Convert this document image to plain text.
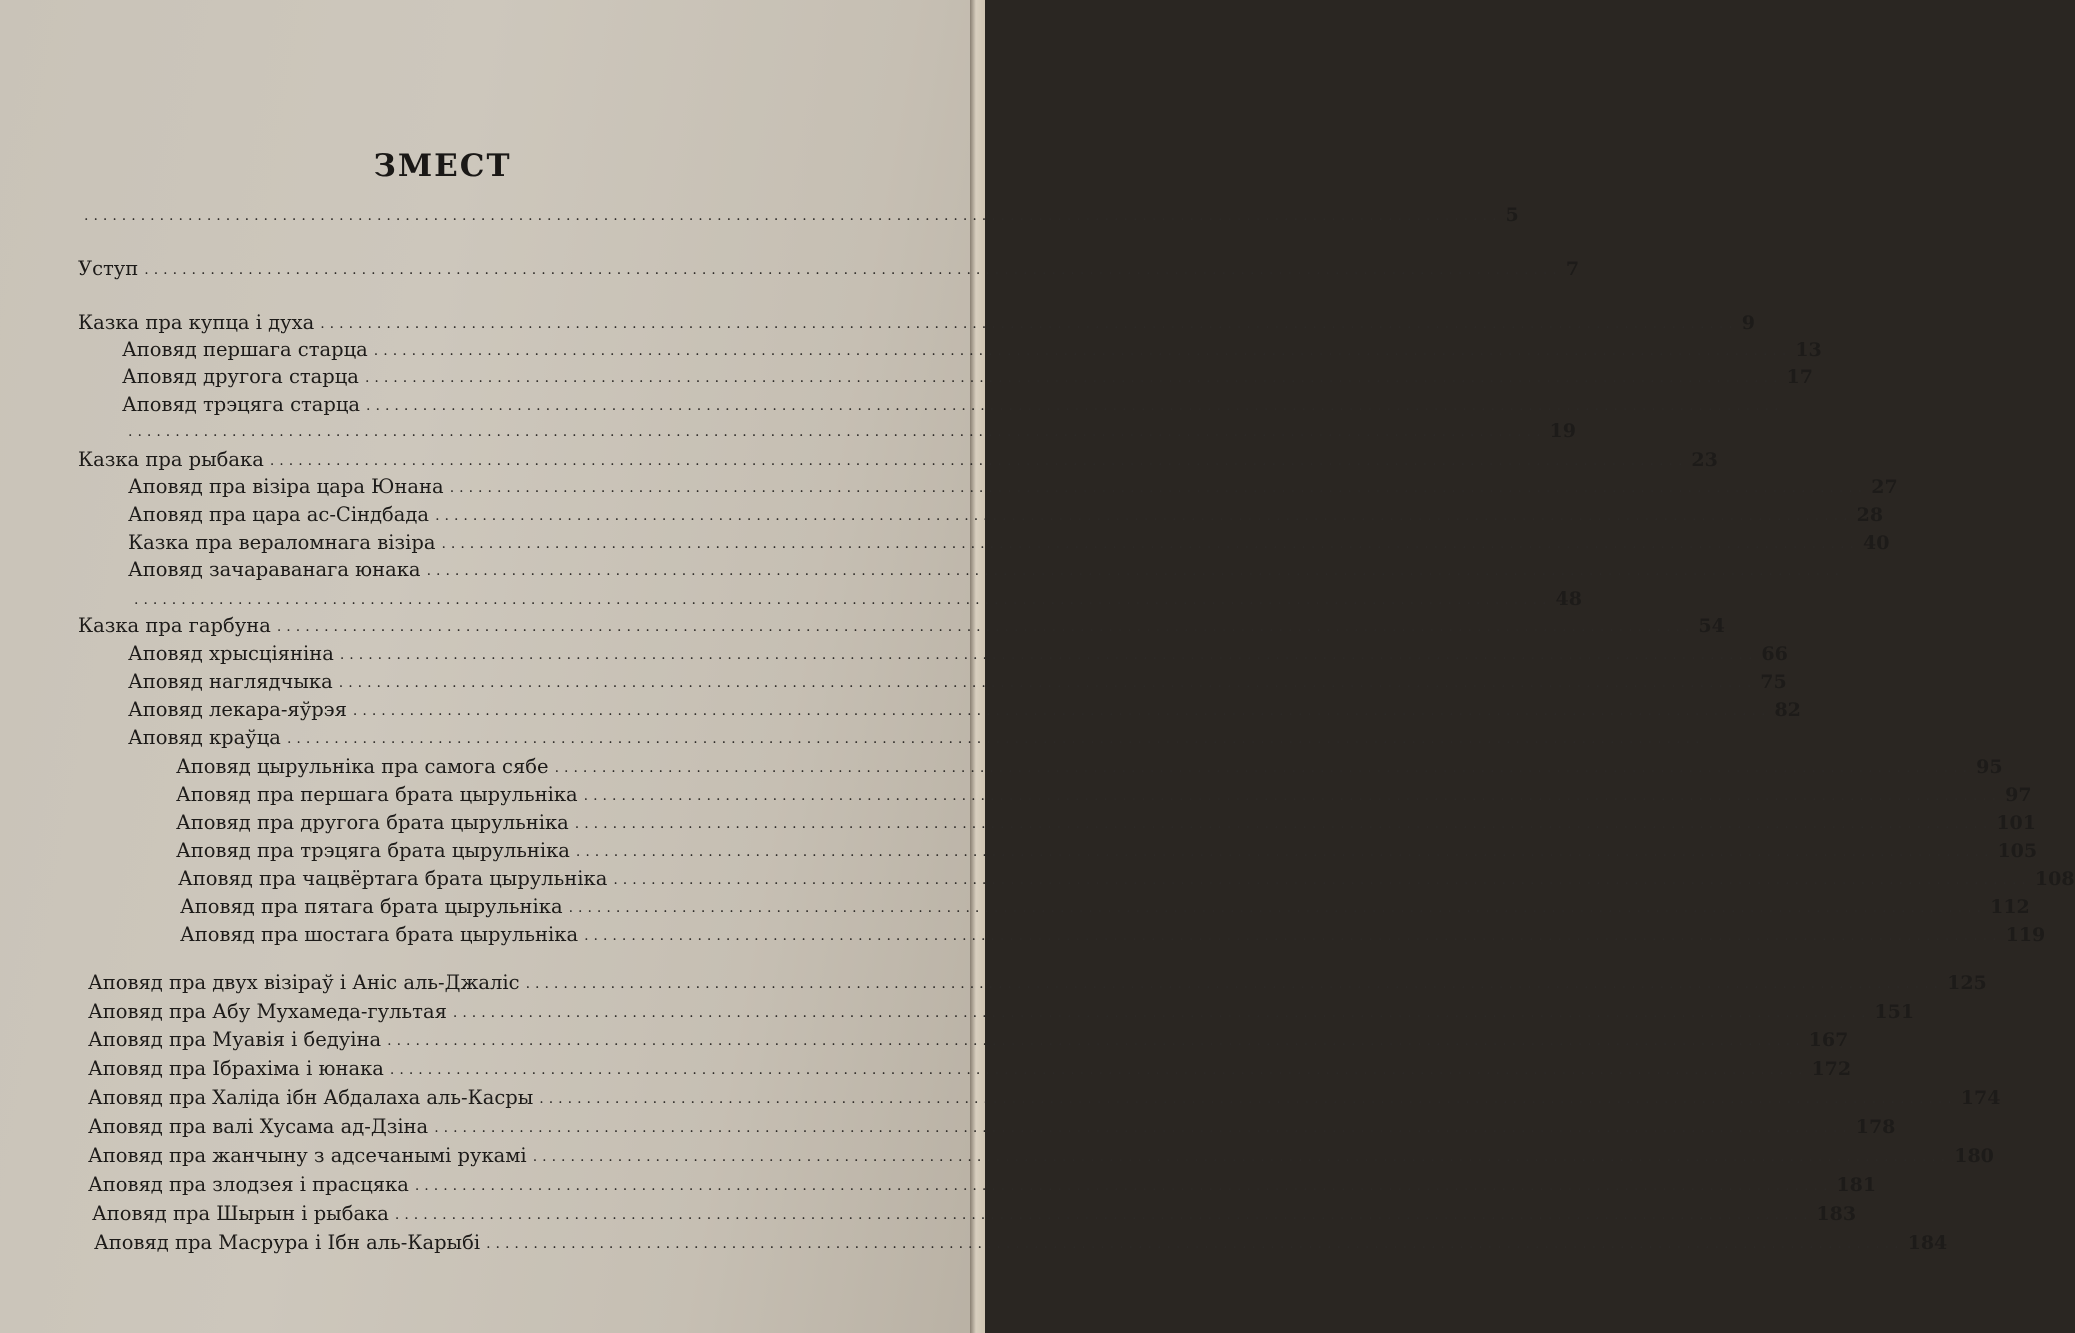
ЗМЕСТ
...................................................................................................................................................... 5
Уступ ...................................................................................................................................................... 7
Казка пра купца і духа ...................................................................................................................................................... 9
Аповяд першага старца ...................................................................................................................................................... 13
Аповяд другога старца ...................................................................................................................................................... 17
Аповяд трэцяга старца ......................................................................................................................................................
...................................................................................................................................................... 19
Казка пра рыбака ...................................................................................................................................................... 23
Аповяд пра візіра цара Юнана ...................................................................................................................................................... 27
Аповяд пра цара ас-Сіндбада ...................................................................................................................................................... 28
Казка пра вераломнага візіра ...................................................................................................................................................... 40
Аповяд зачараванага юнака ......................................................................................................................................................
...................................................................................................................................................... 48
Казка пра гарбуна ...................................................................................................................................................... 54
Аповяд хрысціяніна ...................................................................................................................................................... 66
Аповяд наглядчыка ...................................................................................................................................................... 75
Аповяд лекара-яўрэя ...................................................................................................................................................... 82
Аповяд краўца ......................................................................................................................................................
Аповяд цырульніка пра самога сябе ...................................................................................................................................................... 95
Аповяд пра першага брата цырульніка ...................................................................................................................................................... 97
Аповяд пра другога брата цырульніка ...................................................................................................................................................... 101
Аповяд пра трэцяга брата цырульніка ...................................................................................................................................................... 105
Аповяд пра чацвёртага брата цырульніка ...................................................................................................................................................... 108
Аповяд пра пятага брата цырульніка ...................................................................................................................................................... 112
Аповяд пра шостага брата цырульніка ...................................................................................................................................................... 119
Аповяд пра двух візіраў і Аніс аль-Джаліс ...................................................................................................................................................... 125
Аповяд пра Абу Мухамеда-гультая ...................................................................................................................................................... 151
Аповяд пра Муавія і бедуіна ...................................................................................................................................................... 167
Аповяд пра Ібрахіма і юнака ...................................................................................................................................................... 172
Аповяд пра Халіда ібн Абдалаха аль-Касры ...................................................................................................................................................... 174
Аповяд пра валі Хусама ад-Дзіна ...................................................................................................................................................... 178
Аповяд пра жанчыну з адсечанымі рукамі ...................................................................................................................................................... 180
Аповяд пра злодзея і прасцяка ...................................................................................................................................................... 181
Аповяд пра Шырын і рыбака ...................................................................................................................................................... 183
Аповяд пра Масрура і Ібн аль-Карыбі ...................................................................................................................................................... 184
